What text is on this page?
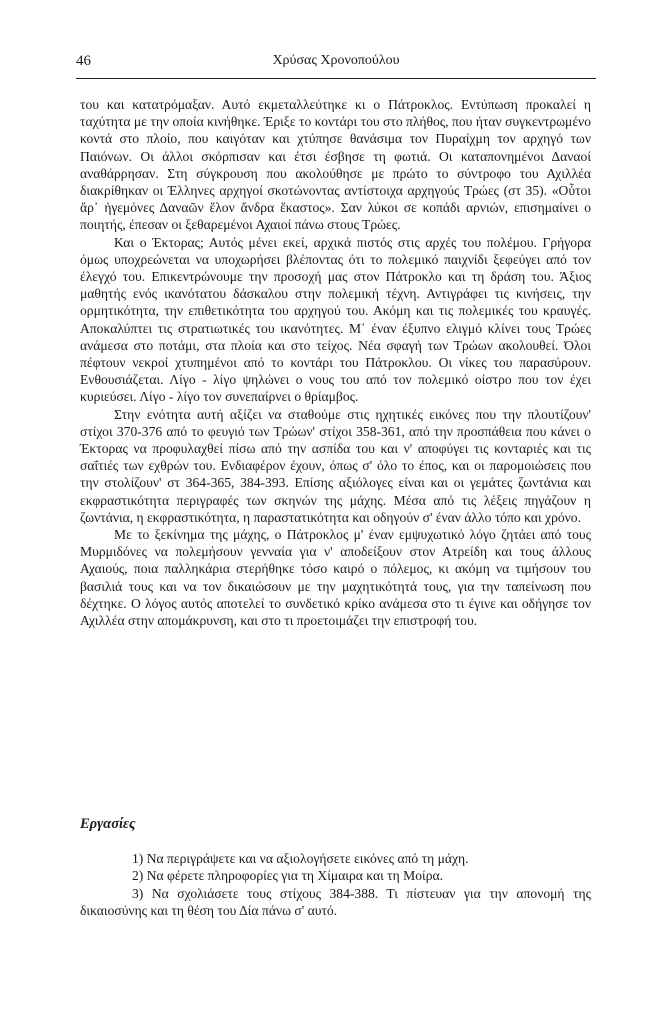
46	Χρύσας Χρονοπούλου

του και κατατρόμαξαν. Αυτό εκμεταλλεύτηκε κι ο Πάτροκλος. Εντύπωση προκαλεί η ταχύτητα με την οποία κινήθηκε. Έριξε το κοντάρι του στο πλήθος, που ήταν συγκεντρωμένο κοντά στο πλοίο, που καιγόταν και χτύπησε θανάσιμα τον Πυραίχμη τον αρχηγό των Παιόνων. Οι άλλοι σκόρπισαν και έτσι έσβησε τη φωτιά. Οι καταπονημένοι Δαναοί αναθάρρησαν. Στη σύγκρουση που ακολούθησε με πρώτο το σύντροφο του Αχιλλέα διακρίθηκαν οι Έλληνες αρχηγοί σκοτώνοντας αντίστοιχα αρχηγούς Τρώες (στ 35). «Οὗτοι ἄρ᾽ ἡγεμόνες Δαναῶν ἕλον ἄνδρα ἕκαστος». Σαν λύκοι σε κοπάδι αρνιών, επισημαίνει ο ποιητής, έπεσαν οι ξεθαρεμένοι Αχαιοί πάνω στους Τρώες.

Και ο Έκτορας; Αυτός μένει εκεί, αρχικά πιστός στις αρχές του πολέμου. Γρήγορα όμως υποχρεώνεται να υποχωρήσει βλέποντας ότι το πολεμικό παιχνίδι ξεφεύγει από τον έλεγχό του. Επικεντρώνουμε την προσοχή μας στον Πάτροκλο και τη δράση του. Άξιος μαθητής ενός ικανότατου δάσκαλου στην πολεμική τέχνη. Αντιγράφει τις κινήσεις, την ορμητικότητα, την επιθετικότητα του αρχηγού του. Ακόμη και τις πολεμικές του κραυγές. Αποκαλύπτει τις στρατιωτικές του ικανότητες. Μ᾽ έναν έξυπνο ελιγμό κλίνει τους Τρώες ανάμεσα στο ποτάμι, στα πλοία και στο τείχος. Νέα σφαγή των Τρώων ακολουθεί. Όλοι πέφτουν νεκροί χτυπημένοι από το κοντάρι του Πάτροκλου. Οι νίκες του παρασύρουν. Ενθουσιάζεται. Λίγο - λίγο ψηλώνει ο νους του από τον πολεμικό οίστρο που τον έχει κυριεύσει. Λίγο - λίγο τον συνεπαίρνει ο θρίαμβος.

Στην ενότητα αυτή αξίζει να σταθούμε στις ηχητικές εικόνες που την πλουτίζουν' στίχοι 370-376 από το φευγιό των Τρώων' στίχοι 358-361, από την προσπάθεια που κάνει ο Έκτορας να προφυλαχθεί πίσω από την ασπίδα του και ν' αποφύγει τις κονταριές και τις σαΐτιές των εχθρών του. Ενδιαφέρον έχουν, όπως σ' όλο το έπος, και οι παρομοιώσεις που την στολίζουν' στ 364-365, 384-393. Επίσης αξιόλογες είναι και οι γεμάτες ζωντάνια και εκφραστικότητα περιγραφές των σκηνών της μάχης. Μέσα από τις λέξεις πηγάζουν η ζωντάνια, η εκφραστικότητα, η παραστατικότητα και οδηγούν σ' έναν άλλο τόπο και χρόνο.

Με το ξεκίνημα της μάχης, ο Πάτροκλος μ' έναν εμψυχωτικό λόγο ζητάει από τους Μυρμιδόνες να πολεμήσουν γενναία για ν' αποδείξουν στον Ατρείδη και τους άλλους Αχαιούς, ποια παλληκάρια στερήθηκε τόσο καιρό ο πόλεμος, κι ακόμη να τιμήσουν του βασιλιά τους και να τον δικαιώσουν με την μαχητικότητά τους, για την ταπείνωση που δέχτηκε. Ο λόγος αυτός αποτελεί το συνδετικό κρίκο ανάμεσα στο τι έγινε και οδήγησε τον Αχιλλέα στην απομάκρυνση, και στο τι προετοιμάζει την επιστροφή του.

Εργασίες

1) Να περιγράψετε και να αξιολογήσετε εικόνες από τη μάχη.

2) Να φέρετε πληροφορίες για τη Χίμαιρα και τη Μοίρα.

3) Να σχολιάσετε τους στίχους 384-388. Τι πίστευαν για την απονομή της δικαιοσύνης και τη θέση του Δία πάνω σ' αυτό.
